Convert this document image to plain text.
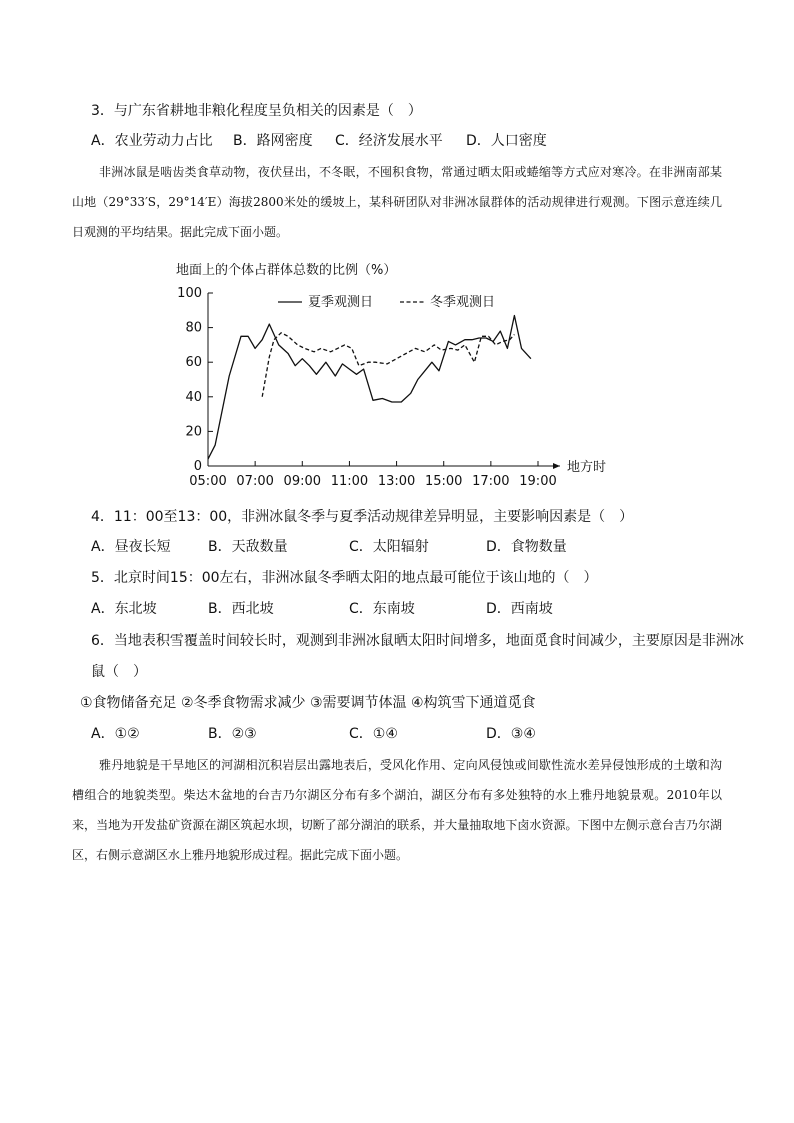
3．与广东省耕地非粮化程度呈负相关的因素是（　）
A．农业劳动力占比 B．路网密度 C．经济发展水平 D．人口密度
非洲冰鼠是啮齿类食草动物，夜伏昼出，不冬眠，不囤积食物，常通过晒太阳或蜷缩等方式应对寒冷。在非洲南部某山地（29°33′S，29°14′E）海拔2800米处的缓坡上，某科研团队对非洲冰鼠群体的活动规律进行观测。下图示意连续几日观测的平均结果。据此完成下面小题。
地面上的个体占群体总数的比例（%）
0
20
40
60
80
100
05:00 07:00 09:00 11:00 13:00 15:00 17:00 19:00
夏季观测日	冬季观测日
地方时
4．11：00至13：00，非洲冰鼠冬季与夏季活动规律差异明显，主要影响因素是（　）
A．昼夜长短	B．天敌数量	C．太阳辐射	D．食物数量
5．北京时间15：00左右，非洲冰鼠冬季晒太阳的地点最可能位于该山地的（　）
A．东北坡	B．西北坡	C．东南坡	D．西南坡
6．当地表积雪覆盖时间较长时，观测到非洲冰鼠晒太阳时间增多，地面觅食时间减少，主要原因是非洲冰
鼠（　）
①食物储备充足 ②冬季食物需求减少 ③需要调节体温 ④构筑雪下通道觅食
A．①②	B．②③	C．①④	D．③④
雅丹地貌是干旱地区的河湖相沉积岩层出露地表后，受风化作用、定向风侵蚀或间歇性流水差异侵蚀形成的土墩和沟槽组合的地貌类型。柴达木盆地的台吉乃尔湖区分布有多个湖泊，湖区分布有多处独特的水上雅丹地貌景观。2010年以来，当地为开发盐矿资源在湖区筑起水坝，切断了部分湖泊的联系，并大量抽取地下卤水资源。下图中左侧示意台吉乃尔湖区，右侧示意湖区水上雅丹地貌形成过程。据此完成下面小题。
